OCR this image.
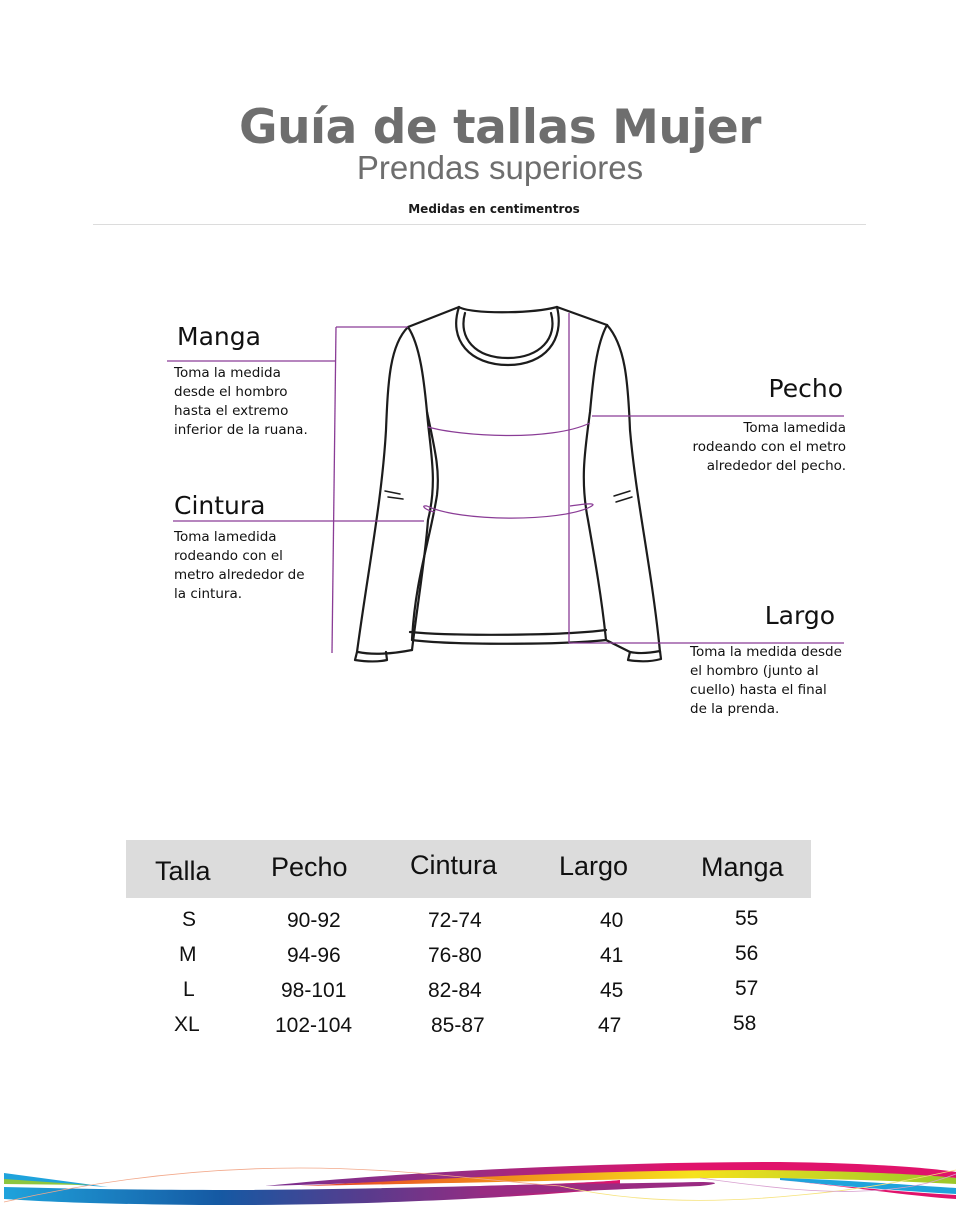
Guía de tallas Mujer
Prendas superiores
Medidas en centimentros
Manga
Toma la medida
desde el hombro
hasta el extremo
inferior de la ruana.
Cintura
Toma lamedida
rodeando con el
metro alrededor de
la cintura.
Pecho
Toma lamedida
rodeando con el metro
alrededor del pecho.
Largo
Toma la medida desde
el hombro (junto al
cuello) hasta el final
de la prenda.
Talla Pecho Cintura Largo	Manga
S	90-92	72-74	40	55
M	94-96	76-80	41	56
L	98-101	82-84	45	57
XL	102-104	85-87	47	58
